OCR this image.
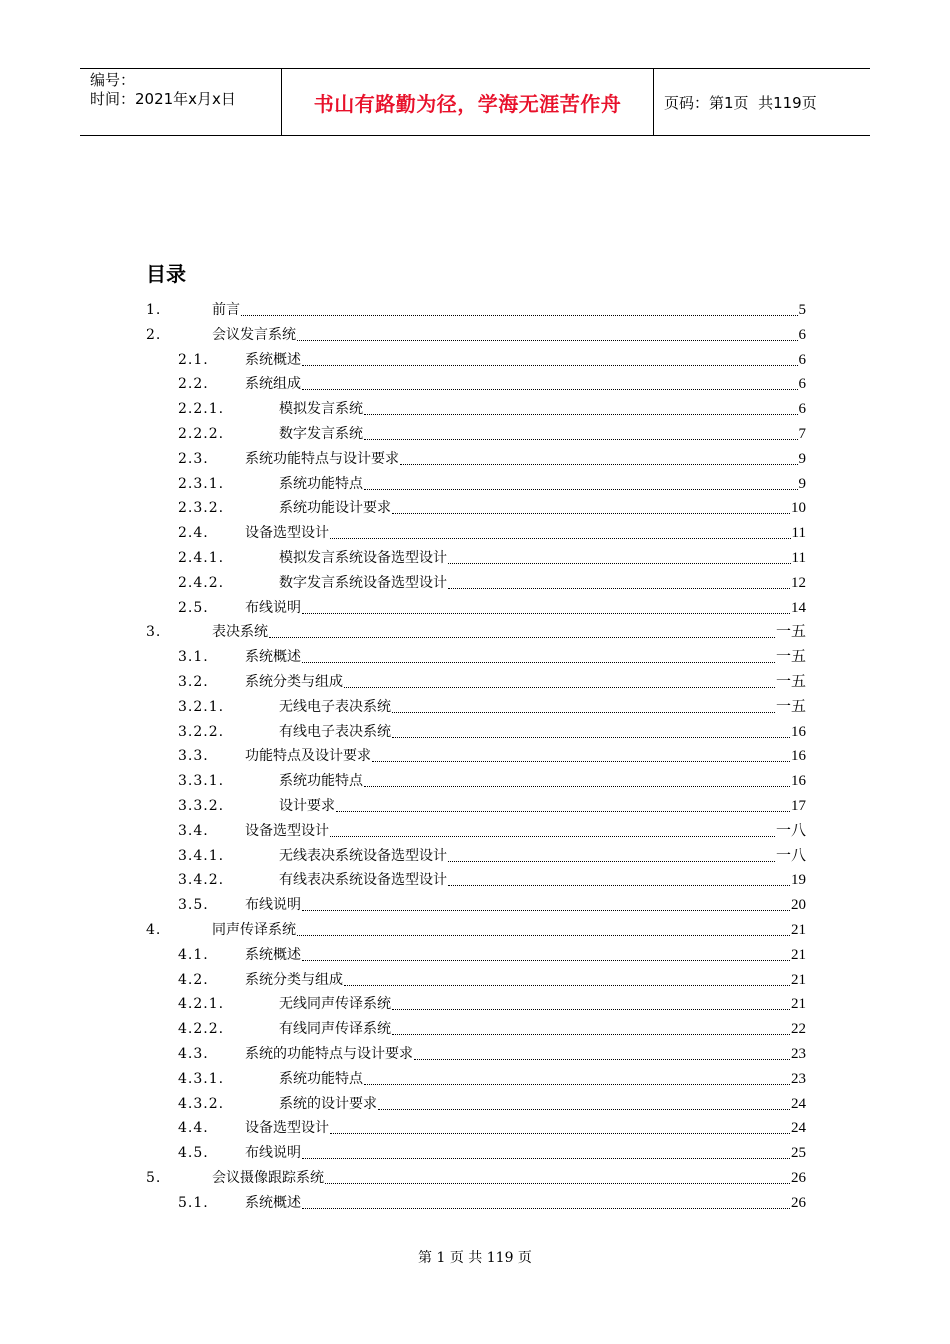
编号：
时间：2021年x月x日	书山有路勤为径，学海无涯苦作舟	页码：第1页  共119页
目录
1.	前言	5
2.	会议发言系统	6
2.1.	系统概述	6
2.2.	系统组成	6
2.2.1.	模拟发言系统	6
2.2.2.	数字发言系统	7
2.3.	系统功能特点与设计要求	9
2.3.1.	系统功能特点	9
2.3.2.	系统功能设计要求	10
2.4.	设备选型设计	11
2.4.1.	模拟发言系统设备选型设计	11
2.4.2.	数字发言系统设备选型设计	12
2.5.	布线说明	14
3.	表决系统	一五
3.1.	系统概述	一五
3.2.	系统分类与组成	一五
3.2.1.	无线电子表决系统	一五
3.2.2.	有线电子表决系统	16
3.3.	功能特点及设计要求	16
3.3.1.	系统功能特点	16
3.3.2.	设计要求	17
3.4.	设备选型设计	一八
3.4.1.	无线表决系统设备选型设计	一八
3.4.2.	有线表决系统设备选型设计	19
3.5.	布线说明	20
4.	同声传译系统	21
4.1.	系统概述	21
4.2.	系统分类与组成	21
4.2.1.	无线同声传译系统	21
4.2.2.	有线同声传译系统	22
4.3.	系统的功能特点与设计要求	23
4.3.1.	系统功能特点	23
4.3.2.	系统的设计要求	24
4.4.	设备选型设计	24
4.5.	布线说明	25
5.	会议摄像跟踪系统	26
5.1.	系统概述	26
第 1 页 共 119 页
